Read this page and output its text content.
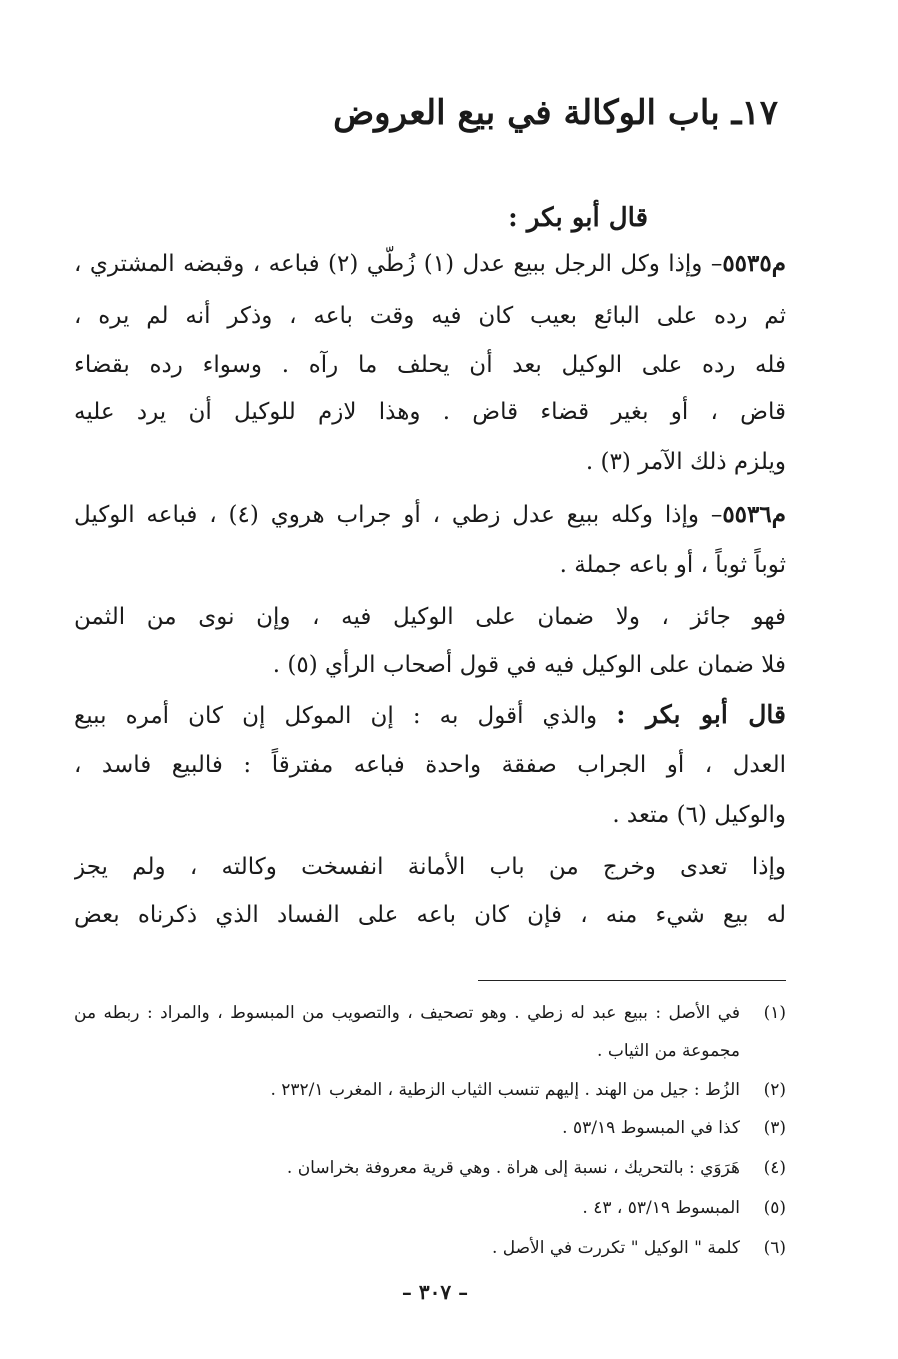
١٧ـ باب الوكالة في بيع العروض
قال أبو بكر :
م٥٥٣٥– وإذا وكل الرجل ببيع عدل (١) زُطّي (٢) فباعه ، وقبضه المشتري ،
ثم رده على البائع بعيب كان فيه وقت باعه ، وذكر أنه لم يره ،
فله رده على الوكيل بعد أن يحلف ما رآه . وسواء رده بقضاء
قاض ، أو بغير قضاء قاض . وهذا لازم للوكيل أن يرد عليه
ويلزم ذلك الآمر (٣) .
م٥٥٣٦– وإذا وكله ببيع عدل زطي ، أو جراب هروي (٤) ، فباعه الوكيل
ثوباً ثوباً ، أو باعه جملة .
فهو جائز ، ولا ضمان على الوكيل فيه ، وإن نوى من الثمن
فلا ضمان على الوكيل فيه في قول أصحاب الرأي (٥) .
قال أبو بكر : والذي أقول به : إن الموكل إن كان أمره ببيع
العدل ، أو الجراب صفقة واحدة فباعه مفترقاً : فالبيع فاسد ،
والوكيل (٦) متعد .
وإذا تعدى وخرج من باب الأمانة انفسخت وكالته ، ولم يجز
له بيع شيء منه ، فإن كان باعه على الفساد الذي ذكرناه بعض
(١)في الأصل : ببيع عبد له زطي . وهو تصحيف ، والتصويب من المبسوط ، والمراد : ربطه من
مجموعة من الثياب .
(٢)الزُط : جيل من الهند . إليهم تنسب الثياب الزطية ، المغرب ٢٣٢/١ .
(٣)كذا في المبسوط ٥٣/١٩ .
(٤)هَرَوَي : بالتحريك ، نسبة إلى هراة . وهي قرية معروفة بخراسان .
(٥)المبسوط ٥٣/١٩ ، ٤٣ .
(٦)كلمة " الوكيل " تكررت في الأصل .
– ٣٠٧ –
